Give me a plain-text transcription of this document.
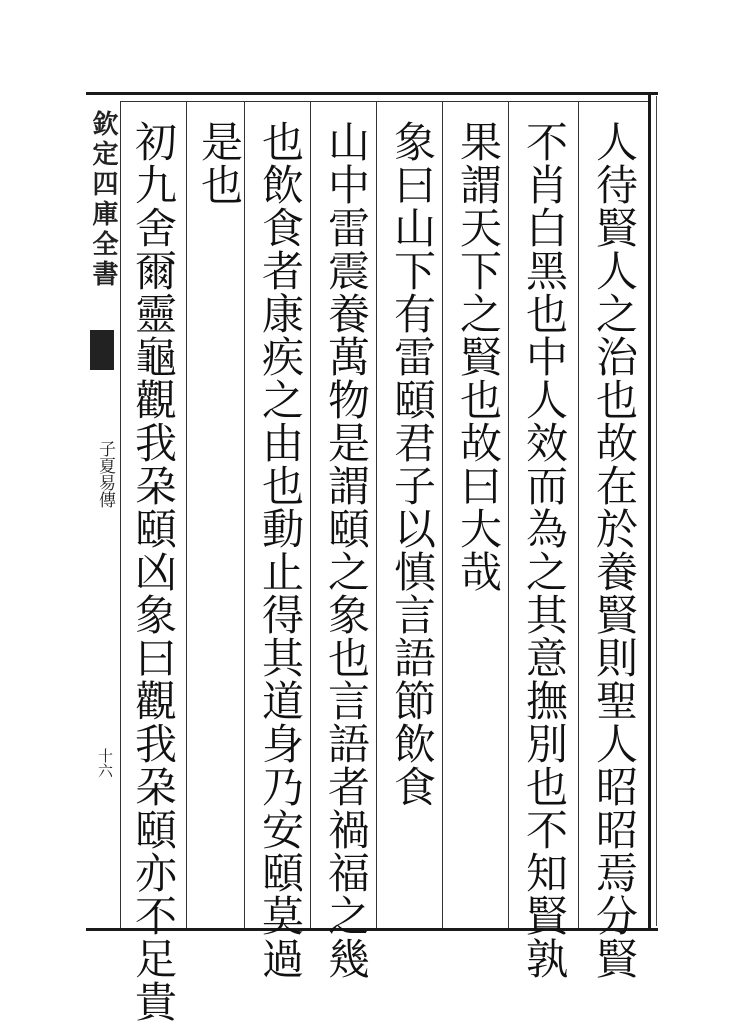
欽定四庫全書
子夏易傳
十六	人待賢人之治也故在於養賢則聖人昭昭焉分賢
不肖白黑也中人效而為之其意撫別也不知賢孰
果謂天下之賢也故曰大哉
象曰山下有雷頤君子以慎言語節飲食
山中雷震養萬物是謂頤之象也言語者禍福之幾
也飲食者康疾之由也動止得其道身乃安頤莫過
是也
初九舍爾靈龜觀我朶頤凶象曰觀我朶頤亦不足貴
